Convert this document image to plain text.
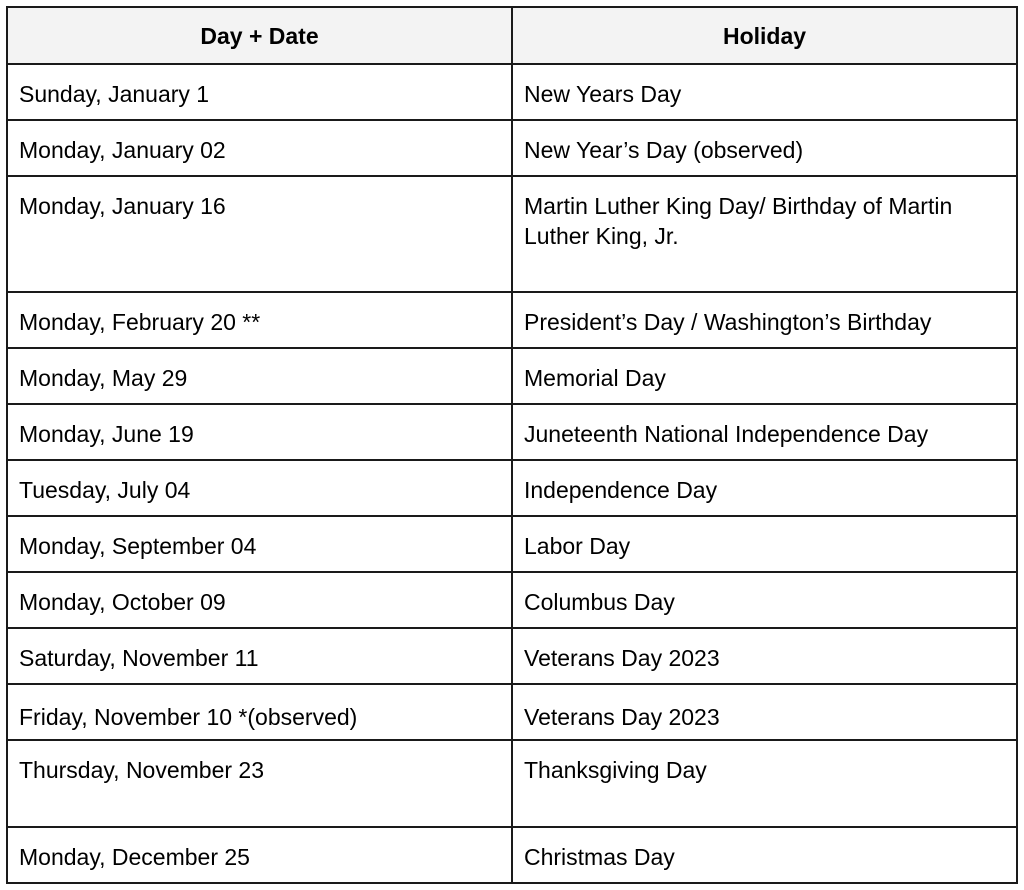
Day + Date	Holiday
Sunday, January 1	New Years Day
Monday, January 02	New Year’s Day (observed)
Monday, January 16	Martin Luther King Day/ Birthday of Martin Luther King, Jr.
Monday, February 20 **	President’s Day / Washington’s Birthday
Monday, May 29	Memorial Day
Monday, June 19	Juneteenth National Independence Day
Tuesday, July 04	Independence Day
Monday, September 04	Labor Day
Monday, October 09	Columbus Day
Saturday, November 11	Veterans Day 2023
Friday, November 10 *(observed)	Veterans Day 2023
Thursday, November 23	Thanksgiving Day
Monday, December 25	Christmas Day
